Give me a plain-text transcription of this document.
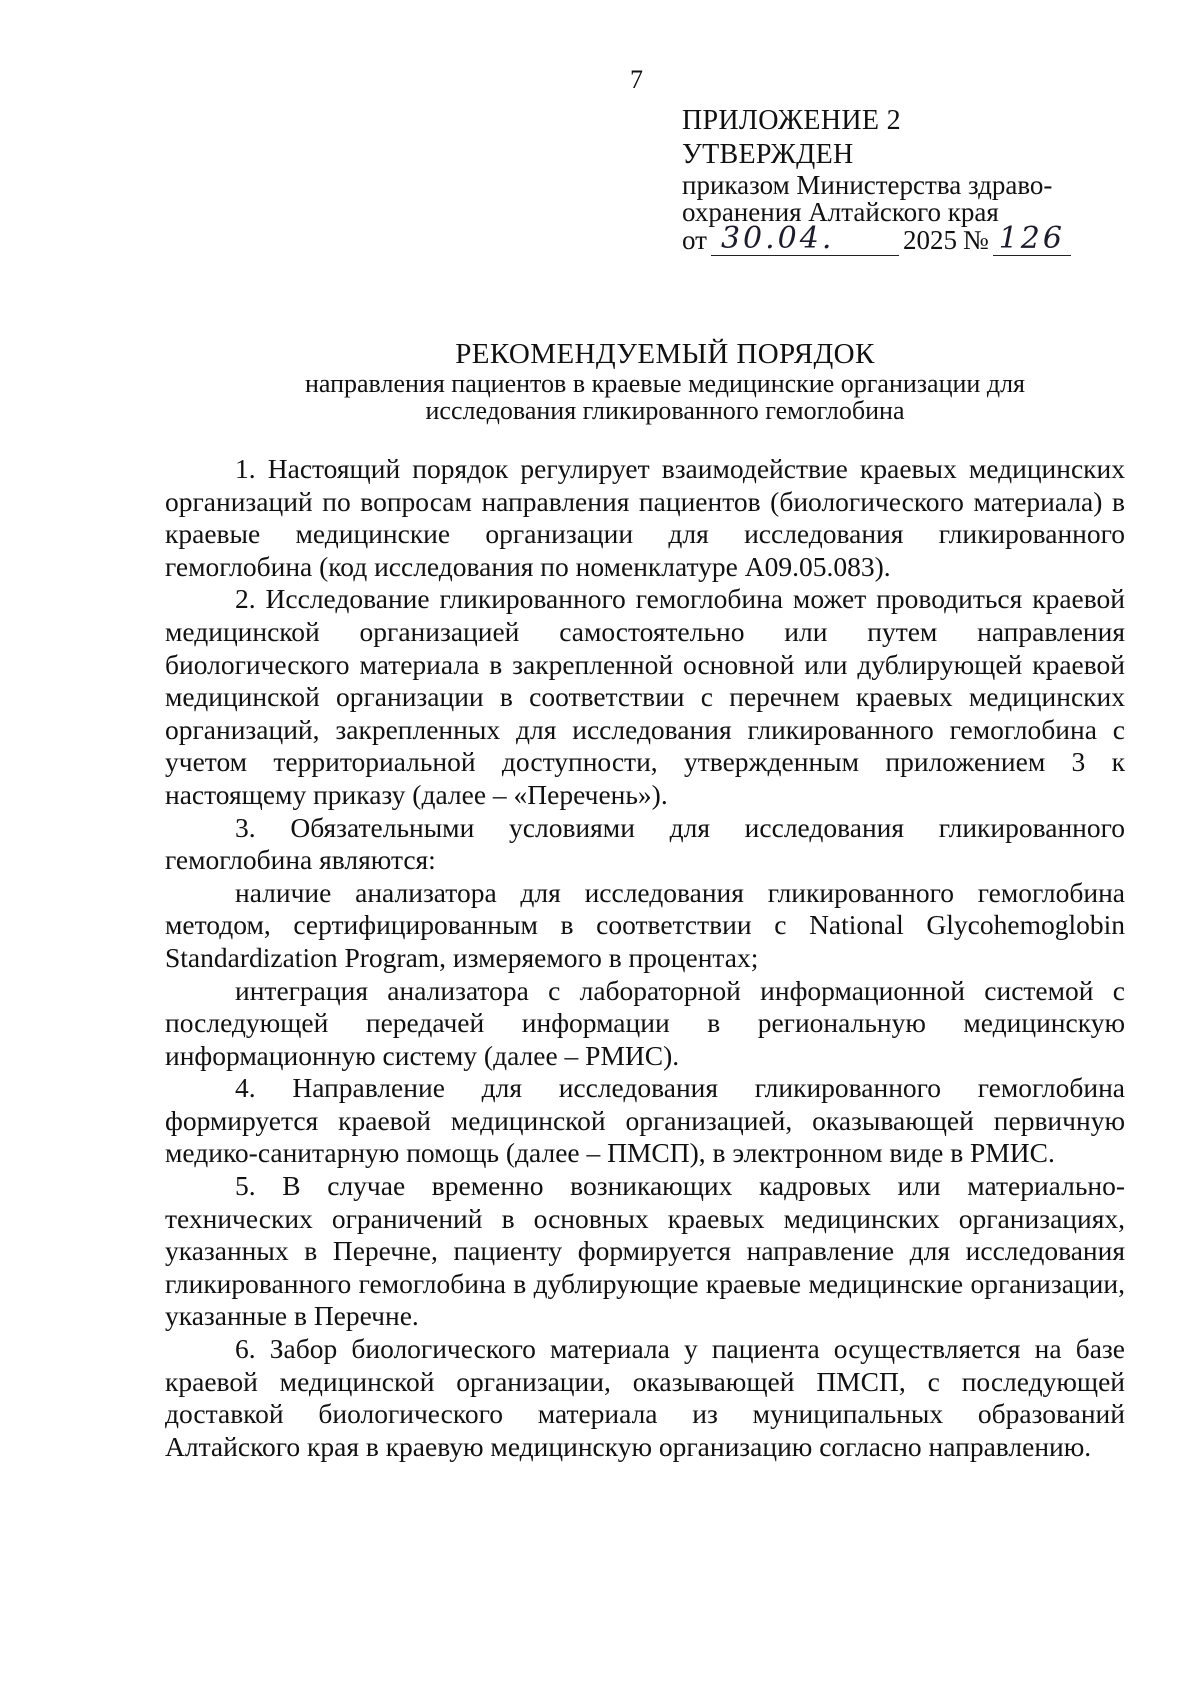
7
ПРИЛОЖЕНИЕ 2
УТВЕРЖДЕН
приказом Министерства здраво-
охранения Алтайского края
от 30.04.	2025 № 126
РЕКОМЕНДУЕМЫЙ ПОРЯДОК
направления пациентов в краевые медицинские организации для исследования гликированного гемоглобина

1. Настоящий порядок регулирует взаимодействие краевых медицинских организаций по вопросам направления пациентов (биологического материала) в краевые медицинские организации для исследования гликированного гемоглобина (код исследования по номенклатуре А09.05.083).

2. Исследование гликированного гемоглобина может проводиться краевой медицинской организацией самостоятельно или путем направления биологического материала в закрепленной основной или дублирующей краевой медицинской организации в соответствии с перечнем краевых медицинских организаций, закрепленных для исследования гликированного гемоглобина с учетом территориальной доступности, утвержденным приложением 3 к настоящему приказу (далее – «Перечень»).

3. Обязательными условиями для исследования гликированного гемоглобина являются:

наличие анализатора для исследования гликированного гемоглобина методом, сертифицированным в соответствии с National Glycohemoglobin Standardization Program, измеряемого в процентах;

интеграция анализатора с лабораторной информационной системой с последующей передачей информации в региональную медицинскую информационную систему (далее – РМИС).

4. Направление для исследования гликированного гемоглобина формируется краевой медицинской организацией, оказывающей первичную медико-санитарную помощь (далее – ПМСП), в электронном виде в РМИС.

5. В случае временно возникающих кадровых или материально-технических ограничений в основных краевых медицинских организациях, указанных в Перечне, пациенту формируется направление для исследования гликированного гемоглобина в дублирующие краевые медицинские организации, указанные в Перечне.

6. Забор биологического материала у пациента осуществляется на базе краевой медицинской организации, оказывающей ПМСП, с последующей доставкой биологического материала из муниципальных образований Алтайского края в краевую медицинскую организацию согласно направлению.
